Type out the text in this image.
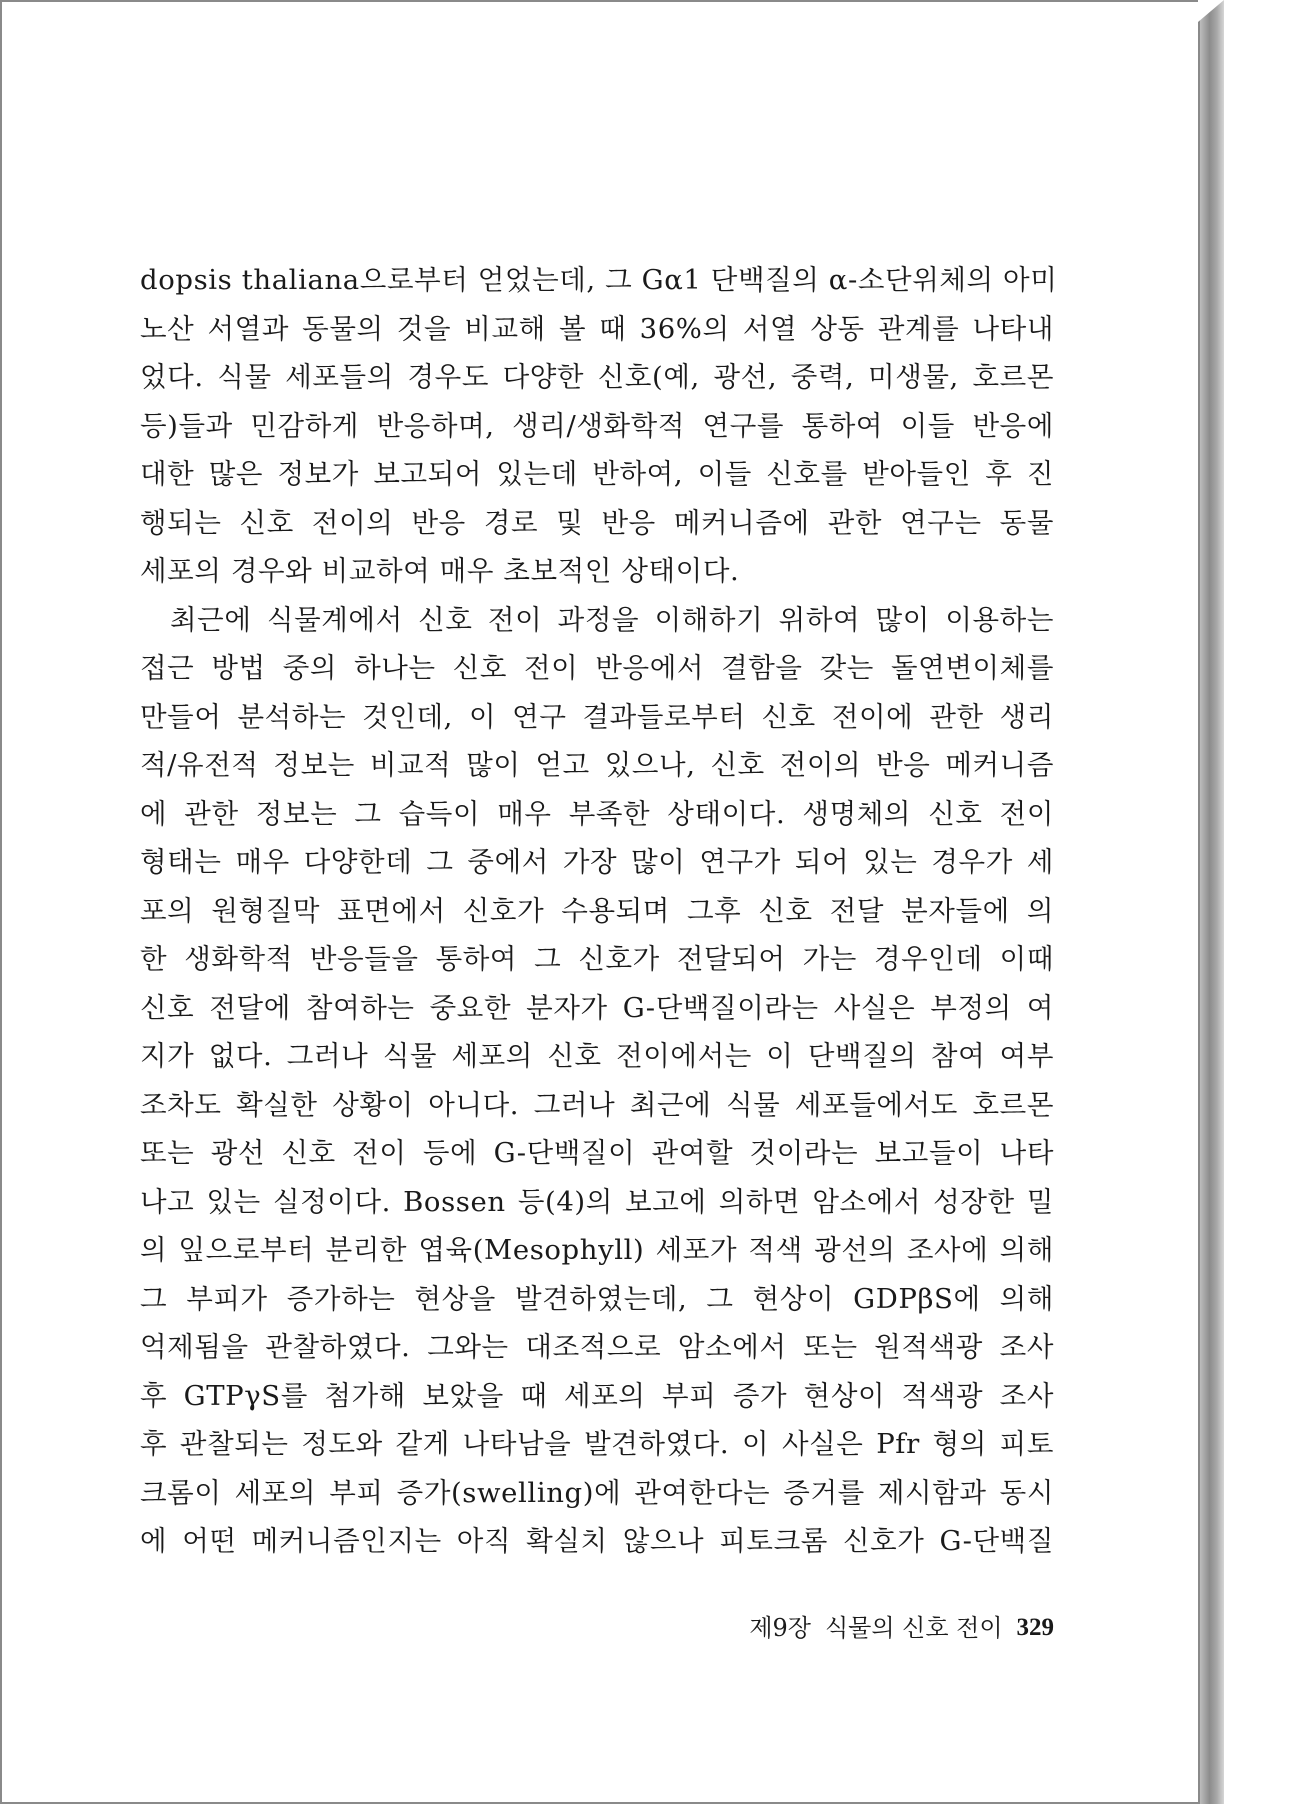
dopsis thaliana으로부터 얻었는데, 그 Gα1 단백질의 α-소단위체의 아미
노산 서열과 동물의 것을 비교해 볼 때 36%의 서열 상동 관계를 나타내
었다. 식물 세포들의 경우도 다양한 신호(예, 광선, 중력, 미생물, 호르몬
등)들과 민감하게 반응하며, 생리/생화학적 연구를 통하여 이들 반응에
대한 많은 정보가 보고되어 있는데 반하여, 이들 신호를 받아들인 후 진
행되는 신호 전이의 반응 경로 및 반응 메커니즘에 관한 연구는 동물
세포의 경우와 비교하여 매우 초보적인 상태이다.
최근에 식물계에서 신호 전이 과정을 이해하기 위하여 많이 이용하는
접근 방법 중의 하나는 신호 전이 반응에서 결함을 갖는 돌연변이체를
만들어 분석하는 것인데, 이 연구 결과들로부터 신호 전이에 관한 생리
적/유전적 정보는 비교적 많이 얻고 있으나, 신호 전이의 반응 메커니즘
에 관한 정보는 그 습득이 매우 부족한 상태이다. 생명체의 신호 전이
형태는 매우 다양한데 그 중에서 가장 많이 연구가 되어 있는 경우가 세
포의 원형질막 표면에서 신호가 수용되며 그후 신호 전달 분자들에 의
한 생화학적 반응들을 통하여 그 신호가 전달되어 가는 경우인데 이때
신호 전달에 참여하는 중요한 분자가 G-단백질이라는 사실은 부정의 여
지가 없다. 그러나 식물 세포의 신호 전이에서는 이 단백질의 참여 여부
조차도 확실한 상황이 아니다. 그러나 최근에 식물 세포들에서도 호르몬
또는 광선 신호 전이 등에 G-단백질이 관여할 것이라는 보고들이 나타
나고 있는 실정이다. Bossen 등(4)의 보고에 의하면 암소에서 성장한 밀
의 잎으로부터 분리한 엽육(Mesophyll) 세포가 적색 광선의 조사에 의해
그 부피가 증가하는 현상을 발견하였는데, 그 현상이 GDPβS에 의해
억제됨을 관찰하였다. 그와는 대조적으로 암소에서 또는 원적색광 조사
후 GTPγS를 첨가해 보았을 때 세포의 부피 증가 현상이 적색광 조사
후 관찰되는 정도와 같게 나타남을 발견하였다. 이 사실은 Pfr 형의 피토
크롬이 세포의 부피 증가(swelling)에 관여한다는 증거를 제시함과 동시
에 어떤 메커니즘인지는 아직 확실치 않으나 피토크롬 신호가 G-단백질
제9장 식물의 신호 전이 329
